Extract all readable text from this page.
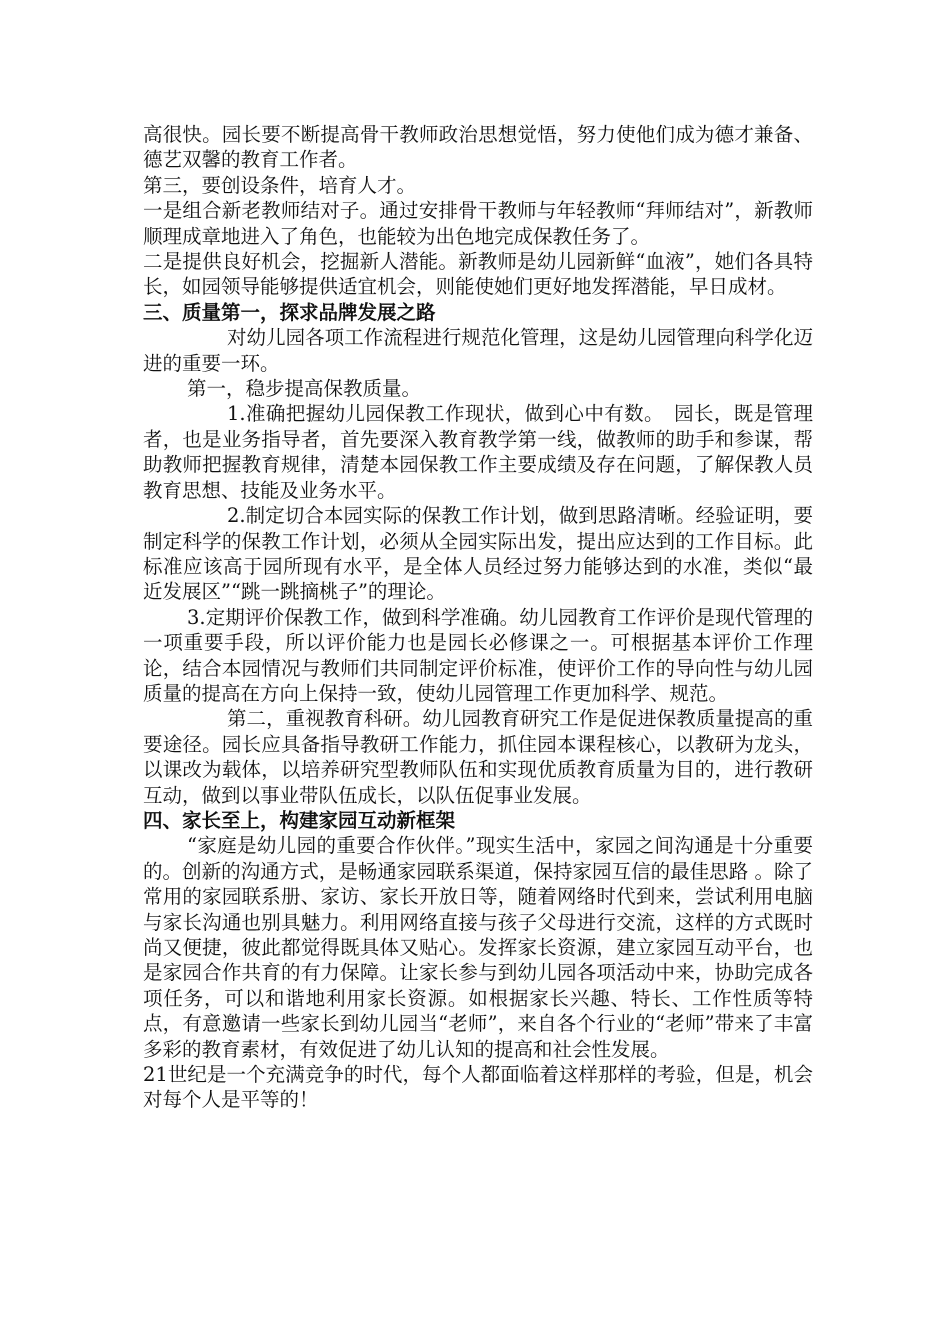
高很快。园长要不断提高骨干教师政治思想觉悟，努力使他们成为德才兼备、德艺双馨的教育工作者。

第三，要创设条件，培育人才。

一是组合新老教师结对子。通过安排骨干教师与年轻教师“拜师结对”，新教师顺理成章地进入了角色，也能较为出色地完成保教任务了。

二是提供良好机会，挖掘新人潜能。新教师是幼儿园新鲜“血液”，她们各具特长，如园领导能够提供适宜机会，则能使她们更好地发挥潜能，早日成材。

三、质量第一，探求品牌发展之路

对幼儿园各项工作流程进行规范化管理，这是幼儿园管理向科学化迈进的重要一环。

第一，稳步提高保教质量。

1.准确把握幼儿园保教工作现状，做到心中有数。　园长，既是管理者，也是业务指导者，首先要深入教育教学第一线，做教师的助手和参谋，帮助教师把握教育规律，清楚本园保教工作主要成绩及存在问题，了解保教人员教育思想、技能及业务水平。

2.制定切合本园实际的保教工作计划，做到思路清晰。经验证明，要制定科学的保教工作计划，必须从全园实际出发，提出应达到的工作目标。此标准应该高于园所现有水平，是全体人员经过努力能够达到的水准，类似“最近发展区”“跳一跳摘桃子”的理论。

3.定期评价保教工作，做到科学准确。幼儿园教育工作评价是现代管理的一项重要手段，所以评价能力也是园长必修课之一。可根据基本评价工作理论，结合本园情况与教师们共同制定评价标准，使评价工作的导向性与幼儿园质量的提高在方向上保持一致，使幼儿园管理工作更加科学、规范。

第二，重视教育科研。幼儿园教育研究工作是促进保教质量提高的重要途径。园长应具备指导教研工作能力，抓住园本课程核心，以教研为龙头，以课改为载体，以培养研究型教师队伍和实现优质教育质量为目的，进行教研互动，做到以事业带队伍成长，以队伍促事业发展。

四、家长至上，构建家园互动新框架

“家庭是幼儿园的重要合作伙伴。”现实生活中，家园之间沟通是十分重要的。创新的沟通方式，是畅通家园联系渠道，保持家园互信的最佳思路 。除了常用的家园联系册、家访、家长开放日等，随着网络时代到来，尝试利用电脑与家长沟通也别具魅力。利用网络直接与孩子父母进行交流，这样的方式既时尚又便捷，彼此都觉得既具体又贴心。发挥家长资源，建立家园互动平台，也是家园合作共育的有力保障。让家长参与到幼儿园各项活动中来，协助完成各项任务，可以和谐地利用家长资源。如根据家长兴趣、特长、工作性质等特点，有意邀请一些家长到幼儿园当“老师”，来自各个行业的“老师”带来了丰富多彩的教育素材，有效促进了幼儿认知的提高和社会性发展。

21世纪是一个充满竞争的时代，每个人都面临着这样那样的考验，但是，机会对每个人是平等的！
